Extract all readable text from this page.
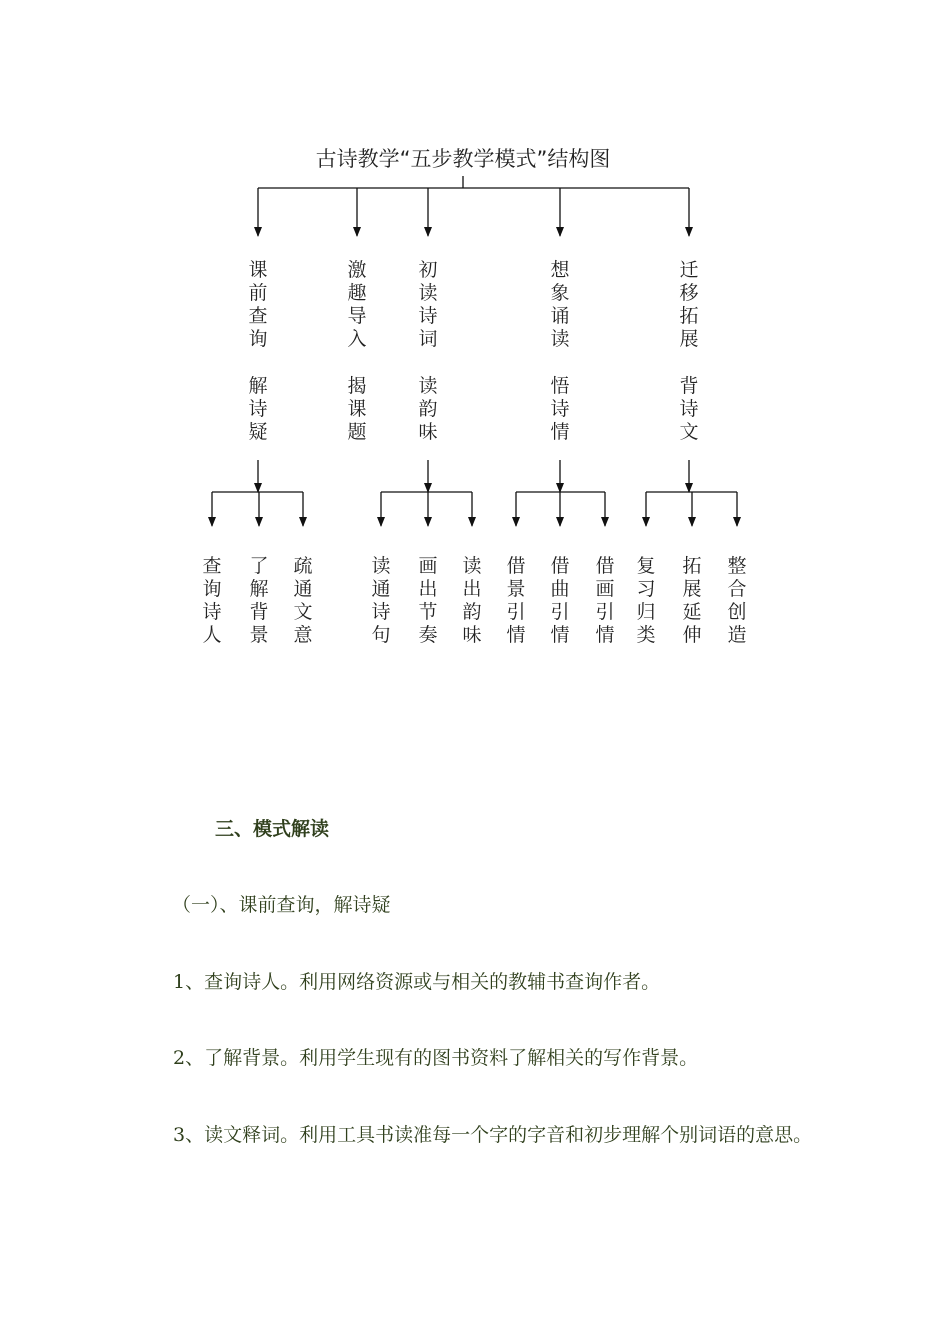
古诗教学“五步教学模式”结构图
课前查询
解诗疑
查询诗人
了解背景
疏通文意
激趣导入
揭课题
初读诗词
读韵味
读通诗句
画出节奏
读出韵味
想象诵读
悟诗情
借景引情
借曲引情
借画引情
迁移拓展
背诗文
复习归类
拓展延伸
整合创造
三、模式解读
（一）、课前查询，解诗疑
1、查询诗人。利用网络资源或与相关的教辅书查询作者。
2、了解背景。利用学生现有的图书资料了解相关的写作背景。
3、读文释词。利用工具书读准每一个字的字音和初步理解个别词语的意思。
